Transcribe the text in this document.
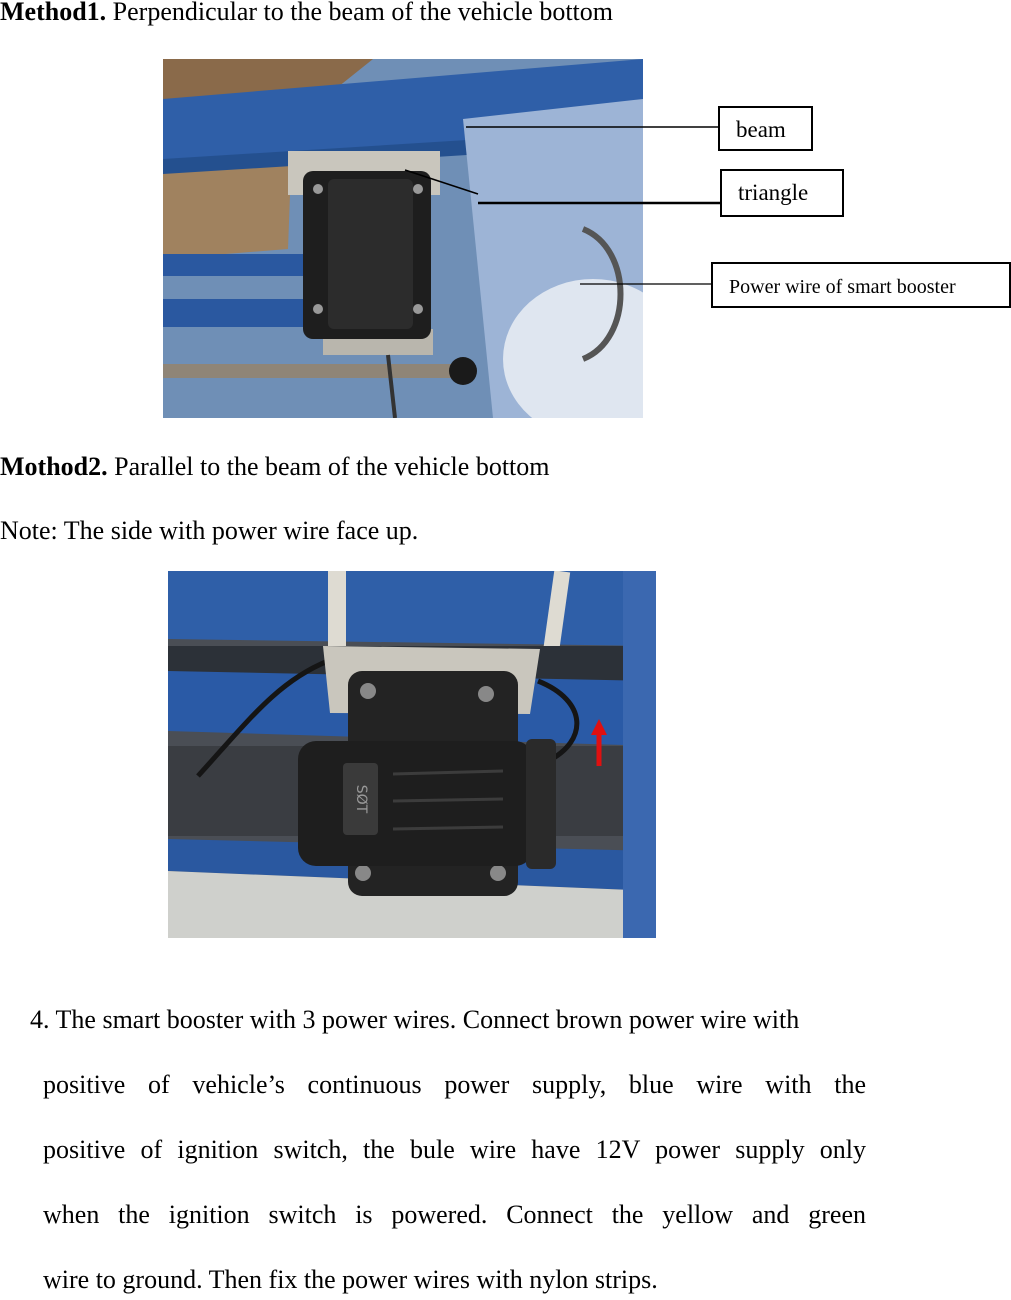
Method1. Perpendicular to the beam of the vehicle bottom
beam
triangle
Power wire of smart booster
Mothod2. Parallel to the beam of the vehicle bottom
Note: The side with power wire face up.
SØT
4. The smart booster with 3 power wires. Connect brown power wire with
positive of vehicle’s continuous power supply, blue wire with the
positive of ignition switch, the bule wire have 12V power supply only
when the ignition switch is powered. Connect the yellow and green
wire to ground. Then fix the power wires with nylon strips.
